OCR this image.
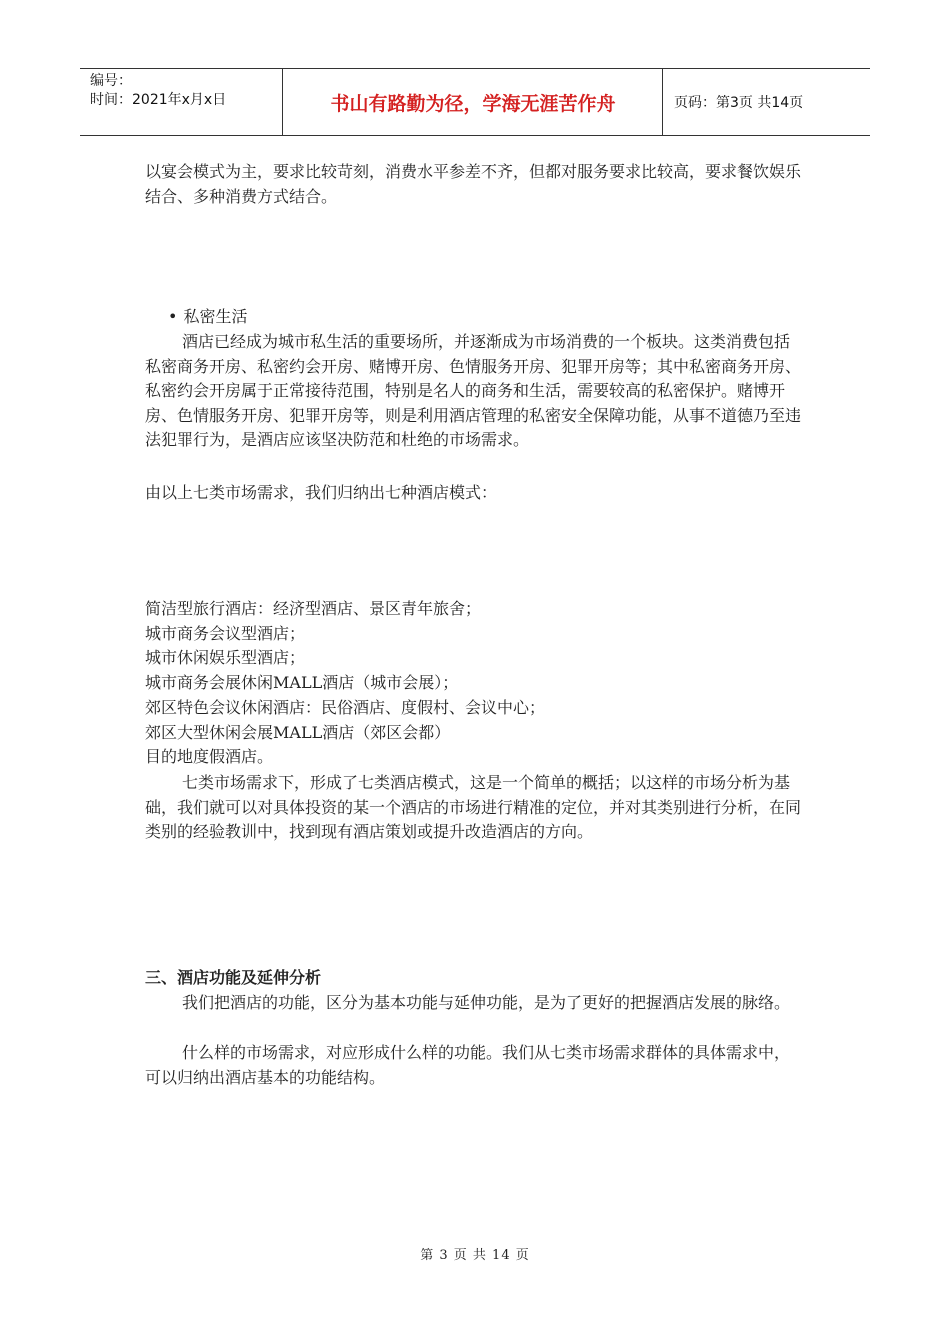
编号：
时间：2021年x月x日	书山有路勤为径，学海无涯苦作舟	页码：第3页 共14页

以宴会模式为主，要求比较苛刻，消费水平参差不齐，但都对服务要求比较高，要求餐饮娱乐结合、多种消费方式结合。

• 私密生活

酒店已经成为城市私生活的重要场所，并逐渐成为市场消费的一个板块。这类消费包括私密商务开房、私密约会开房、赌博开房、色情服务开房、犯罪开房等；其中私密商务开房、私密约会开房属于正常接待范围，特别是名人的商务和生活，需要较高的私密保护。赌博开房、色情服务开房、犯罪开房等，则是利用酒店管理的私密安全保障功能，从事不道德乃至违法犯罪行为，是酒店应该坚决防范和杜绝的市场需求。

由以上七类市场需求，我们归纳出七种酒店模式：

简洁型旅行酒店：经济型酒店、景区青年旅舍；
城市商务会议型酒店；
城市休闲娱乐型酒店；
城市商务会展休闲MALL酒店（城市会展）；
郊区特色会议休闲酒店：民俗酒店、度假村、会议中心；
郊区大型休闲会展MALL酒店（郊区会都）
目的地度假酒店。

七类市场需求下，形成了七类酒店模式，这是一个简单的概括；以这样的市场分析为基础，我们就可以对具体投资的某一个酒店的市场进行精准的定位，并对其类别进行分析，在同类别的经验教训中，找到现有酒店策划或提升改造酒店的方向。

三、酒店功能及延伸分析

我们把酒店的功能，区分为基本功能与延伸功能，是为了更好的把握酒店发展的脉络。

什么样的市场需求，对应形成什么样的功能。我们从七类市场需求群体的具体需求中，可以归纳出酒店基本的功能结构。

第 3 页 共 14 页
